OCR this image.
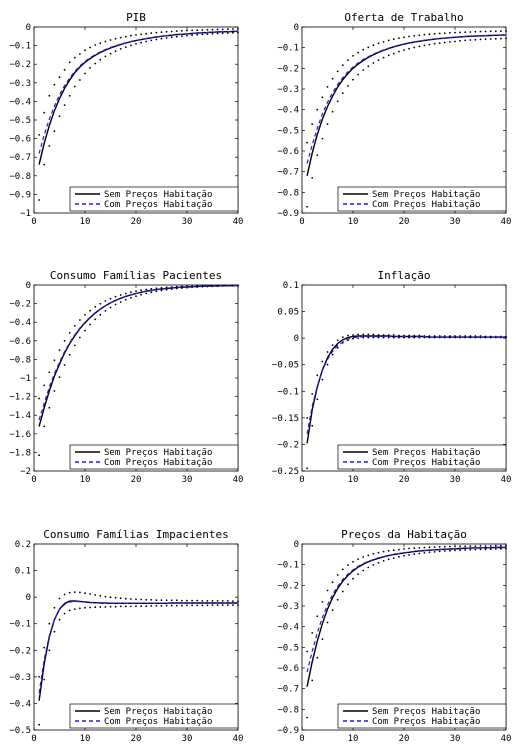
PIB
−1
−0.9
−0.8
−0.7
−0.6
−0.5
−0.4
−0.3
−0.2
−0.1
0
0	10	20	30	40
Sem Preços Habitação
Com Preços Habitação
Oferta de Trabalho
−0.9
−0.8
−0.7
−0.6
−0.5
−0.4
−0.3
−0.2
−0.1
0
0	10	20	30	40
Sem Preços Habitação
Com Preços Habitação
Consumo Famílias Pacientes
−2
−1.8
−1.6
−1.4
−1.2
−1
−0.8
−0.6
−0.4
−0.2
0
0	10	20	30	40
Sem Preços Habitação
Com Preços Habitação
Inflação
−0.25
−0.2
−0.15
−0.1
−0.05
0
0.05
0.1
0	10	20	30	40
Sem Preços Habitação
Com Preços Habitação
Consumo Famílias Impacientes
−0.5
−0.4
−0.3
−0.2
−0.1
0
0.1
0.2
0	10	20	30	40
Sem Preços Habitação
Com Preços Habitação
Preços da Habitação
−0.9
−0.8
−0.7
−0.6
−0.5
−0.4
−0.3
−0.2
−0.1
0
0	10	20	30	40
Sem Preços Habitação
Com Preços Habitação
